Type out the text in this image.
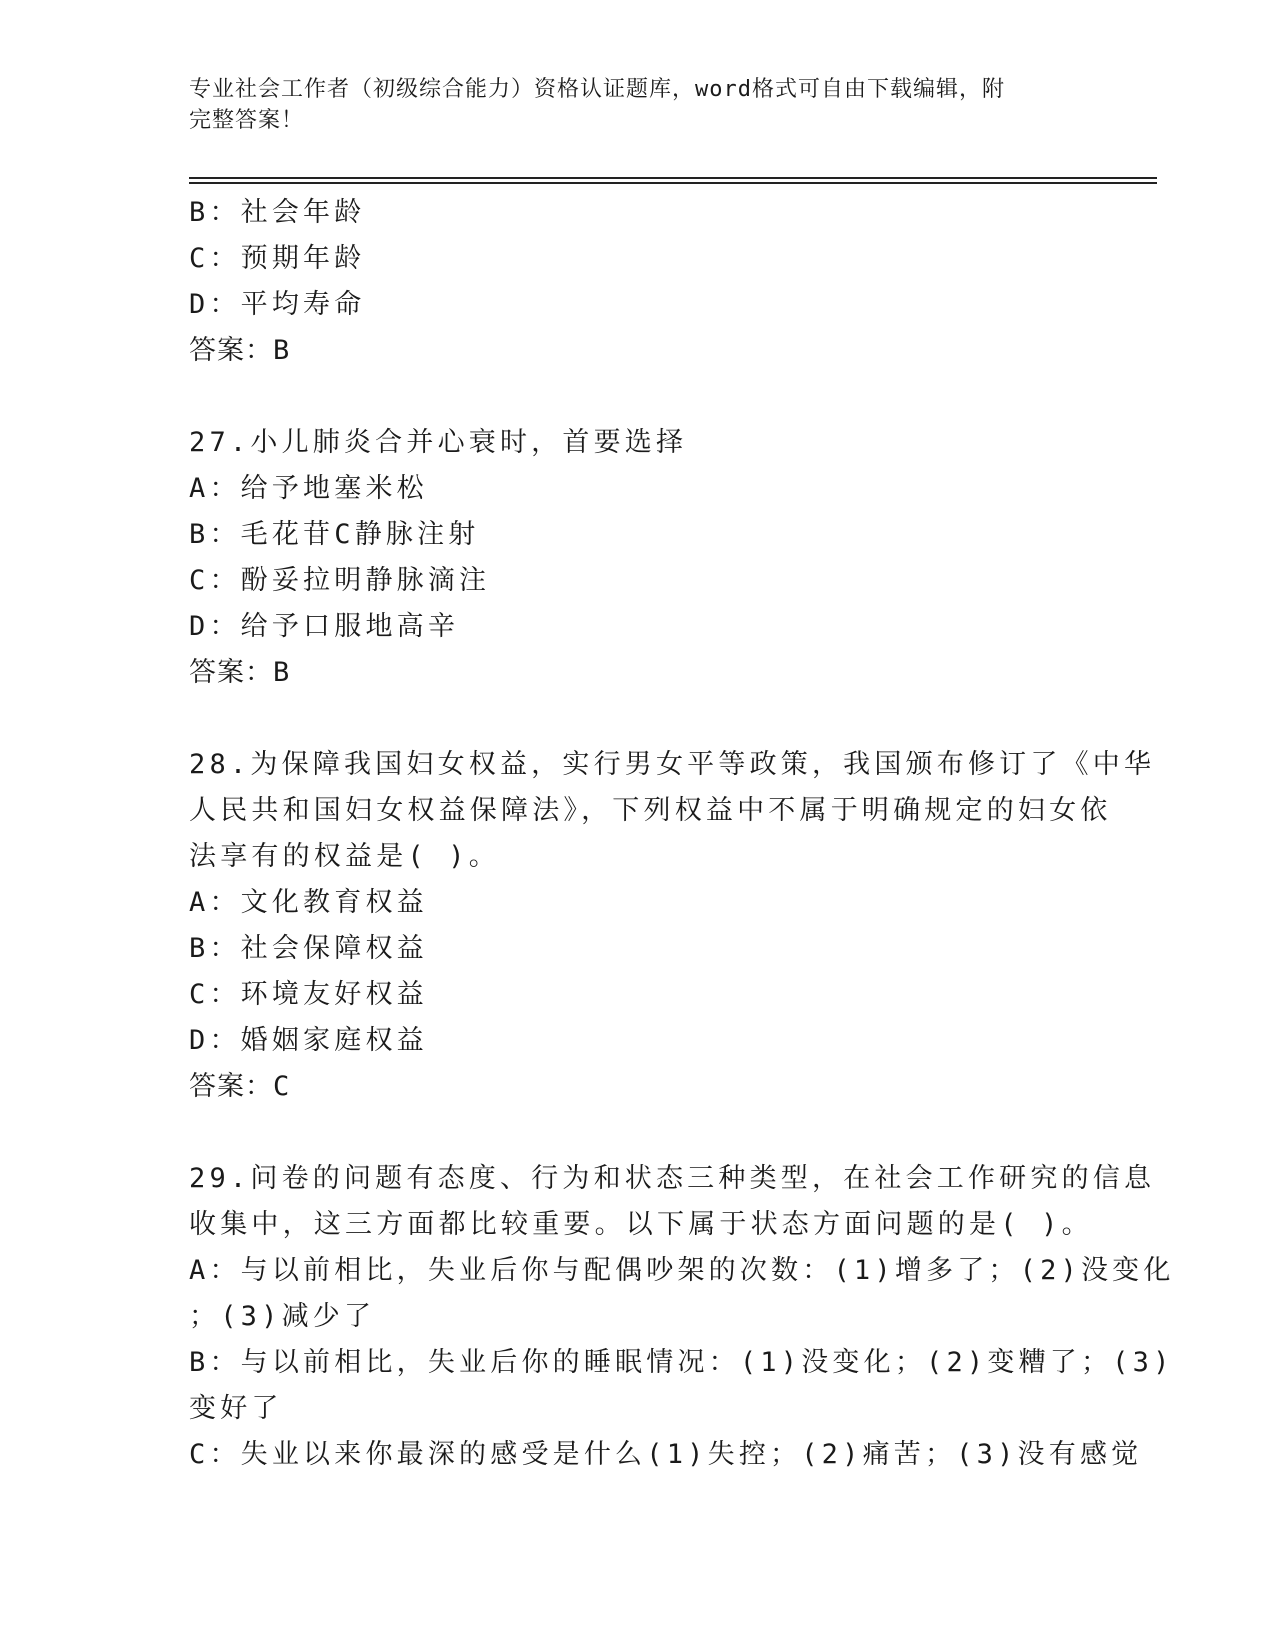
专业社会工作者（初级综合能力）资格认证题库，word格式可自由下载编辑，附
完整答案！
B：社会年龄
C：预期年龄
D：平均寿命
答案：B
27.小儿肺炎合并心衰时，首要选择
A：给予地塞米松
B：毛花苷C静脉注射
C：酚妥拉明静脉滴注
D：给予口服地高辛
答案：B
28.为保障我国妇女权益，实行男女平等政策，我国颁布修订了《中华
人民共和国妇女权益保障法》，下列权益中不属于明确规定的妇女依
法享有的权益是( )。
A：文化教育权益
B：社会保障权益
C：环境友好权益
D：婚姻家庭权益
答案：C
29.问卷的问题有态度、行为和状态三种类型，在社会工作研究的信息
收集中，这三方面都比较重要。以下属于状态方面问题的是( )。
A：与以前相比，失业后你与配偶吵架的次数：(1)增多了；(2)没变化
；(3)减少了
B：与以前相比，失业后你的睡眠情况：(1)没变化；(2)变糟了；(3)
变好了
C：失业以来你最深的感受是什么(1)失控；(2)痛苦；(3)没有感觉
